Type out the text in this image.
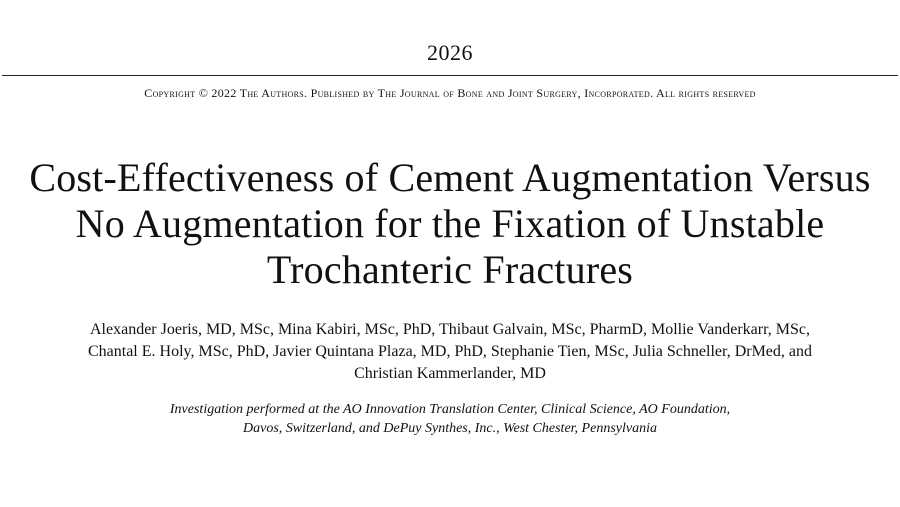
2026
Copyright © 2022 The Authors. Published by The Journal of Bone and Joint Surgery, Incorporated. All rights reserved
Cost-Effectiveness of Cement Augmentation Versus
No Augmentation for the Fixation of Unstable
Trochanteric Fractures
Alexander Joeris, MD, MSc, Mina Kabiri, MSc, PhD, Thibaut Galvain, MSc, PharmD, Mollie Vanderkarr, MSc,
Chantal E. Holy, MSc, PhD, Javier Quintana Plaza, MD, PhD, Stephanie Tien, MSc, Julia Schneller, DrMed, and
Christian Kammerlander, MD
Investigation performed at the AO Innovation Translation Center, Clinical Science, AO Foundation,
Davos, Switzerland, and DePuy Synthes, Inc., West Chester, Pennsylvania
